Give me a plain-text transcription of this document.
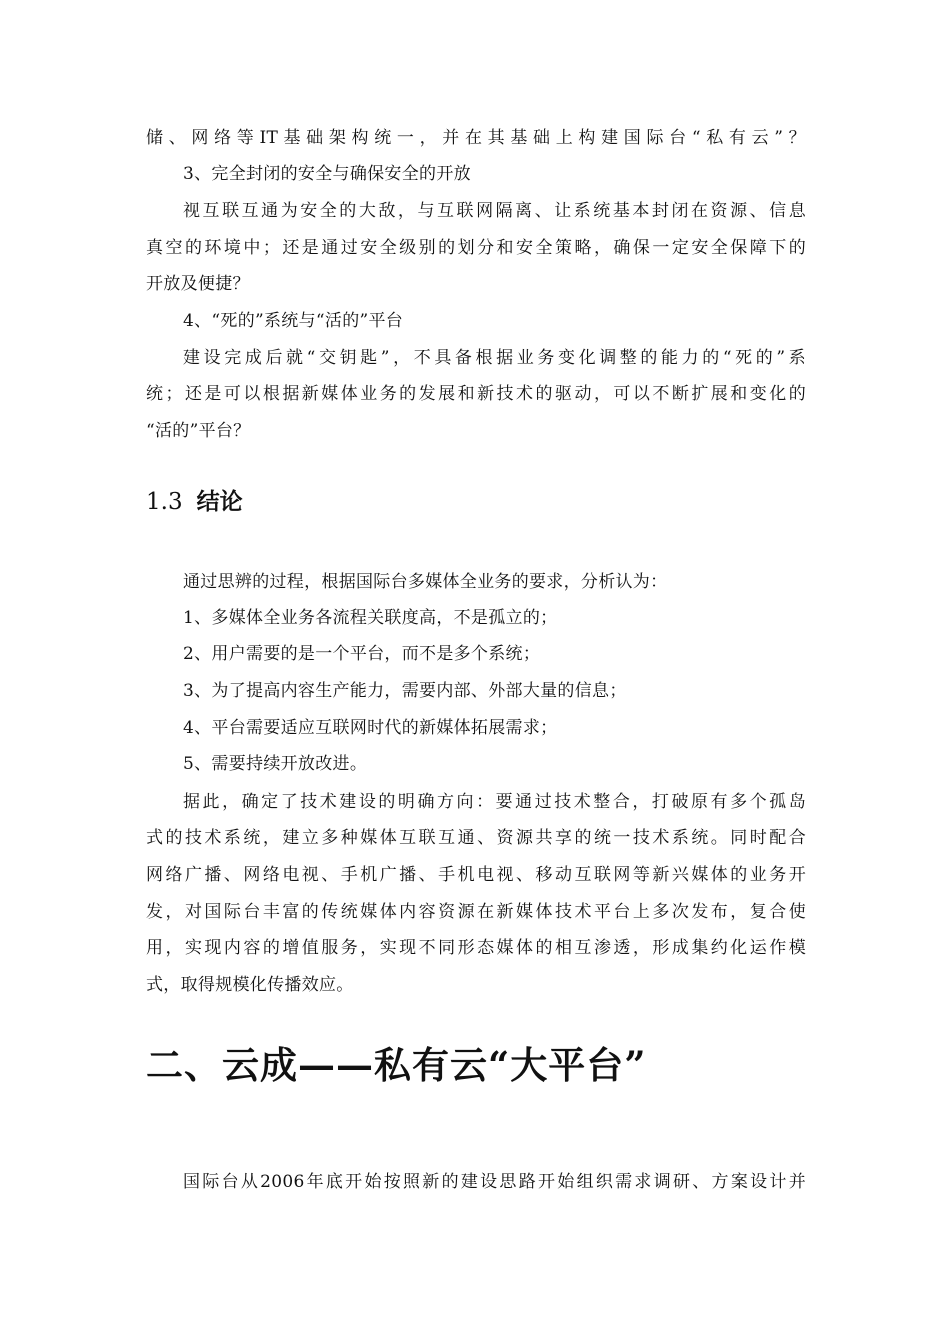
储、网络等IT基础架构统一，并在其基础上构建国际台“私有云”？
3、完全封闭的安全与确保安全的开放
视互联互通为安全的大敌，与互联网隔离、让系统基本封闭在资源、信息
真空的环境中；还是通过安全级别的划分和安全策略，确保一定安全保障下的
开放及便捷？
4、“死的”系统与“活的”平台
建设完成后就“交钥匙”，不具备根据业务变化调整的能力的“死的”系
统；还是可以根据新媒体业务的发展和新技术的驱动，可以不断扩展和变化的
“活的”平台？
1.3 结论
通过思辨的过程，根据国际台多媒体全业务的要求，分析认为：
1、多媒体全业务各流程关联度高，不是孤立的；
2、用户需要的是一个平台，而不是多个系统；
3、为了提高内容生产能力，需要内部、外部大量的信息；
4、平台需要适应互联网时代的新媒体拓展需求；
5、需要持续开放改进。
据此，确定了技术建设的明确方向：要通过技术整合，打破原有多个孤岛
式的技术系统，建立多种媒体互联互通、资源共享的统一技术系统。同时配合
网络广播、网络电视、手机广播、手机电视、移动互联网等新兴媒体的业务开
发，对国际台丰富的传统媒体内容资源在新媒体技术平台上多次发布，复合使
用，实现内容的增值服务，实现不同形态媒体的相互渗透，形成集约化运作模
式，取得规模化传播效应。
二、云成——私有云“大平台”
国际台从2006年底开始按照新的建设思路开始组织需求调研、方案设计并
